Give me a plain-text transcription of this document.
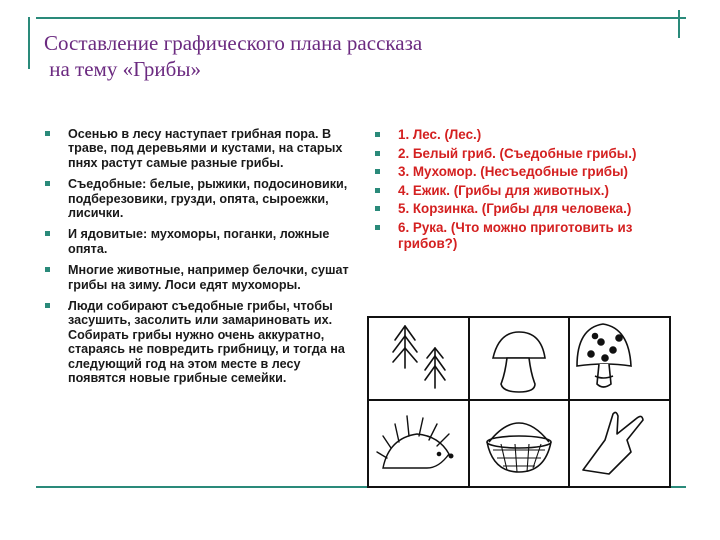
Составление графического плана рассказа
на тему «Грибы»
Осенью в лесу наступает грибная пора. В траве, под деревьями и кустами, на старых пнях растут самые разные грибы.
Съедобные: белые, рыжики, подосиновики, подберезовики, грузди, опята, сыроежки, лисички.
И ядовитые: мухоморы, поганки, ложные опята.
Многие животные, например белочки, сушат грибы на зиму. Лоси едят мухоморы.
Люди собирают съедобные грибы, чтобы засушить, засолить или замариновать их. Собирать грибы нужно очень аккуратно, стараясь не повредить грибницу, и тогда на следующий год на этом месте в лесу появятся новые грибные семейки.
1. Лес. (Лес.)
2. Белый гриб. (Съедобные грибы.)
3. Мухомор. (Несъедобные грибы)
4. Ежик. (Грибы для животных.)
5. Корзинка. (Грибы для человека.)
6. Рука. (Что можно приготовить из грибов?)
